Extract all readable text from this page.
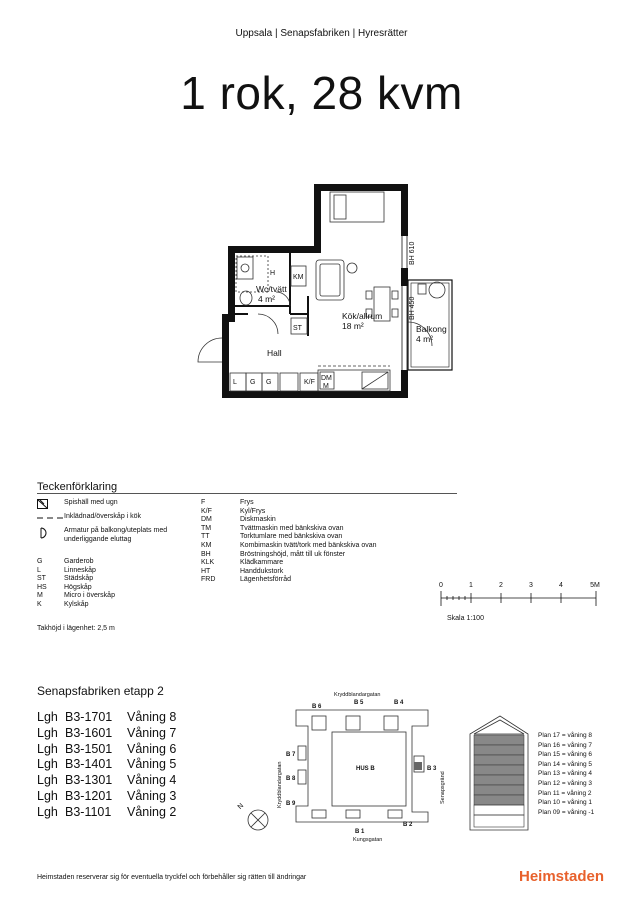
Uppsala | Senapsfabriken | Hyresrätter
1 rok, 28 kvm
H
KM
ST
L G G	K/F
DM
M
BH 610
BH 450
Wc/tvätt
4 m²
Kök/allrum
18 m²	Balkong
4 m²
Hall
Teckenförklaring
Spishäll med ugn
Inklädnad/överskåp i kök
Armatur på balkong/uteplats med underliggande eluttag
G	Garderob
L	Linneskåp
ST	Städskåp
HS	Högskåp
M	Micro i överskåp
K	Kylskåp
F	Frys
K/F	Kyl/Frys
DM	Diskmaskin
TM	Tvättmaskin med bänkskiva ovan
TT	Torktumlare med bänkskiva ovan
KM	Kombimaskin tvätt/tork med bänkskiva ovan
BH	Bröstningshöjd, mått till uk fönster
KLK	Klädkammare
HT	Handdukstork
FRD	Lägenhetsförråd
Takhöjd i lägenhet: 2,5 m
0	1	2	3	4	5M
Skala 1:100
Senapsfabriken etapp 2
Lgh B3-1701 Våning 8
Lgh B3-1601 Våning 7
Lgh B3-1501 Våning 6
Lgh B3-1401 Våning 5
Lgh B3-1301 Våning 4
Lgh B3-1201 Våning 3
Lgh B3-1101 Våning 2
Kryddblandargatan
Kungsgatan
Kryddblandargatan	Senapsgränd
HUS B
B 6
B 5	B 4
B 7
B 8
B 9
B 3
B 1
B 2
N
Plan 17 = våning 8
Plan 16 = våning 7
Plan 15 = våning 6
Plan 14 = våning 5
Plan 13 = våning 4
Plan 12 = våning 3
Plan 11 = våning 2
Plan 10 = våning 1
Plan 09 = våning -1
Heimstaden reserverar sig för eventuella tryckfel och förbehåller sig rätten till ändringar	Heimstaden
